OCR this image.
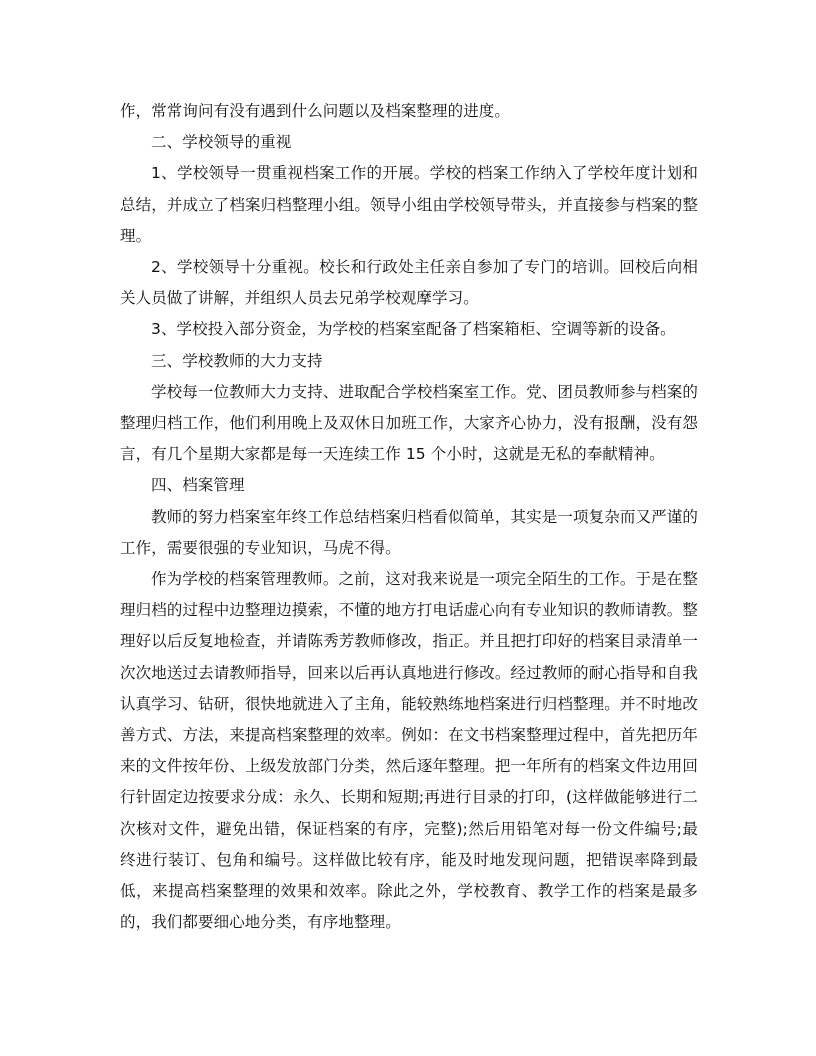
作，常常询问有没有遇到什么问题以及档案整理的进度。

二、学校领导的重视

1、学校领导一贯重视档案工作的开展。学校的档案工作纳入了学校年度计划和总结，并成立了档案归档整理小组。领导小组由学校领导带头，并直接参与档案的整理。

2、学校领导十分重视。校长和行政处主任亲自参加了专门的培训。回校后向相关人员做了讲解，并组织人员去兄弟学校观摩学习。

3、学校投入部分资金，为学校的档案室配备了档案箱柜、空调等新的设备。

三、学校教师的大力支持

学校每一位教师大力支持、进取配合学校档案室工作。党、团员教师参与档案的整理归档工作，他们利用晚上及双休日加班工作，大家齐心协力，没有报酬，没有怨言，有几个星期大家都是每一天连续工作 15 个小时，这就是无私的奉献精神。

四、档案管理

教师的努力档案室年终工作总结档案归档看似简单，其实是一项复杂而又严谨的工作，需要很强的专业知识，马虎不得。

作为学校的档案管理教师。之前，这对我来说是一项完全陌生的工作。于是在整理归档的过程中边整理边摸索，不懂的地方打电话虚心向有专业知识的教师请教。整理好以后反复地检查，并请陈秀芳教师修改，指正。并且把打印好的档案目录清单一次次地送过去请教师指导，回来以后再认真地进行修改。经过教师的耐心指导和自我认真学习、钻研，很快地就进入了主角，能较熟练地档案进行归档整理。并不时地改善方式、方法，来提高档案整理的效率。例如：在文书档案整理过程中，首先把历年来的文件按年份、上级发放部门分类，然后逐年整理。把一年所有的档案文件边用回行针固定边按要求分成：永久、长期和短期;再进行目录的打印，(这样做能够进行二次核对文件，避免出错，保证档案的有序，完整);然后用铅笔对每一份文件编号;最终进行装订、包角和编号。这样做比较有序，能及时地发现问题，把错误率降到最低，来提高档案整理的效果和效率。除此之外，学校教育、教学工作的档案是最多的，我们都要细心地分类，有序地整理。
